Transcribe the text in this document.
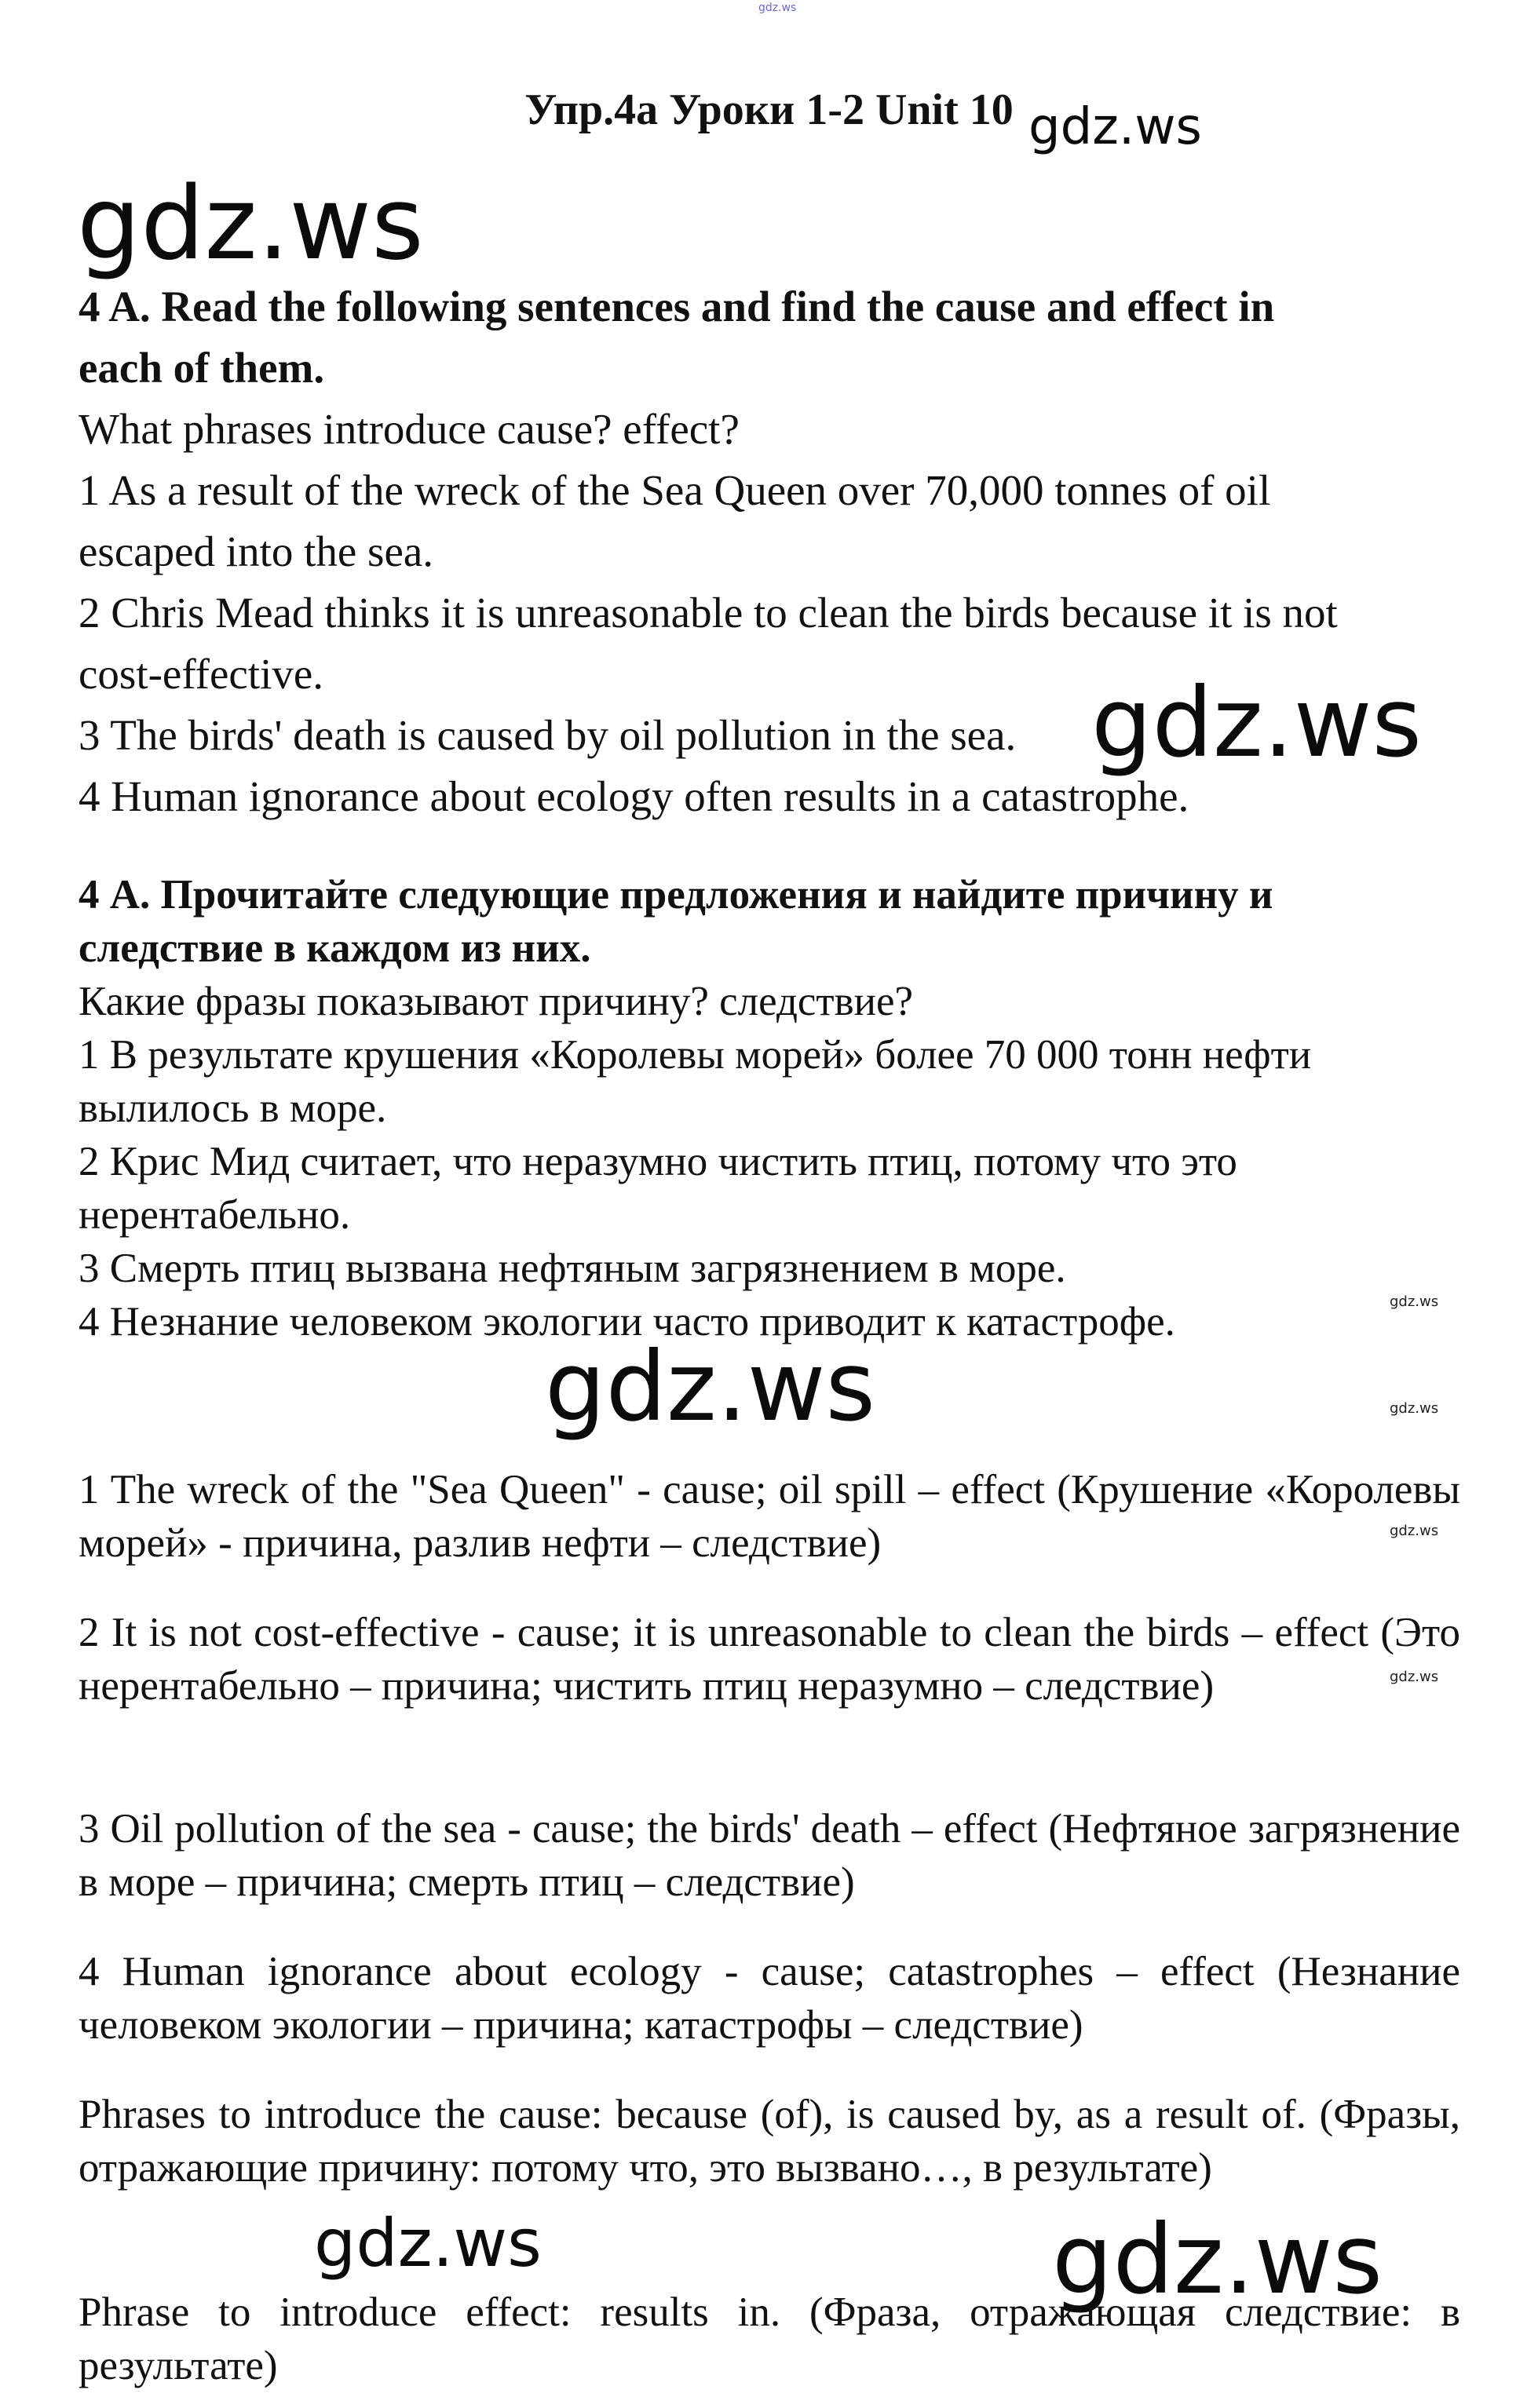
Упр.4a Уроки 1-2 Unit 10
gdz.ws
gdz.ws
gdz.ws
gdz.ws
gdz.ws
gdz.ws	gdz.ws
gdz.ws
gdz.ws
gdz.ws	gdz.ws
4 A. Read the following sentences and find the cause and effect in
each of them.
What phrases introduce cause? effect?
1 As a result of the wreck of the Sea Queen over 70,000 tonnes of oil
escaped into the sea.
2 Chris Mead thinks it is unreasonable to clean the birds because it is not
cost-effective.
3 The birds' death is caused by oil pollution in the sea.
4 Human ignorance about ecology often results in a catastrophe.
4 А. Прочитайте следующие предложения и найдите причину и
следствие в каждом из них.
Какие фразы показывают причину? следствие?
1 В результате крушения «Королевы морей» более 70 000 тонн нефти
вылилось в море.
2 Крис Мид считает, что неразумно чистить птиц, потому что это
нерентабельно.
3 Смерть птиц вызвана нефтяным загрязнением в море.
4 Незнание человеком экологии часто приводит к катастрофе.
1 The wreck of the "Sea Queen" - cause; oil spill – effect (Крушение «Королевы морей» - причина, разлив нефти – следствие)
2 It is not cost-effective - cause; it is unreasonable to clean the birds – effect (Это нерентабельно – причина; чистить птиц неразумно – следствие)
3 Oil pollution of the sea - cause; the birds' death – effect (Нефтяное загрязнение в море – причина; смерть птиц – следствие)
4 Human ignorance about ecology - cause; catastrophes – effect (Незнание человеком экологии – причина; катастрофы – следствие)
Phrases to introduce the cause: because (of), is caused by, as a result of. (Фразы, отражающие причину: потому что, это вызвано…, в результате)
Phrase to introduce effect: results in. (Фраза, отражающая следствие: в результате)
